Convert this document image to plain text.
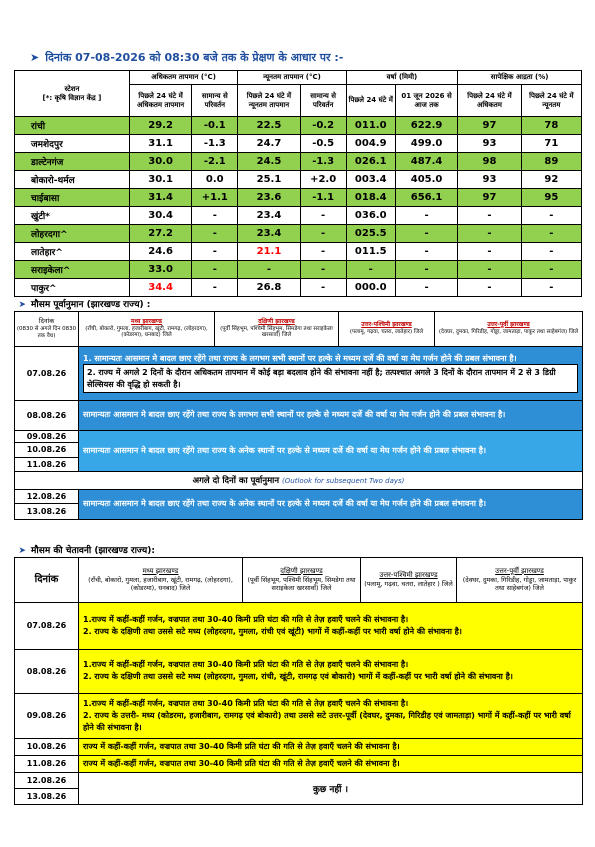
➤ दिनांक 07-08-2026 को 08:30 बजे तक के प्रेक्षण के आधार पर :-
स्टेशन
[*: कृषि विज्ञान केंद्र ]	अधिकतम तापमान (°C)		न्यूनतम तापमान (°C)		वर्षा (मिमी)		सापेक्षिक आद्रता (%)	
	पिछले 24 घंटे में अधिकतम तापमान	सामान्य से परिवर्तन	पिछले 24 घंटे में न्यूनतम तापमान	सामान्य से परिवर्तन	पिछले 24 घंटे में	01 जून 2026 से आज तक	पिछले 24 घंटे में अधिकतम	पिछले 24 घंटे में न्यूनतम
रांची	29.2	-0.1	22.5	-0.2	011.0	622.9	97	78
जमशेदपुर	31.1	-1.3	24.7	-0.5	004.9	499.0	93	71
डाल्टेनगंज	30.0	-2.1	24.5	-1.3	026.1	487.4	98	89
बोकारो-थर्मल	30.1	0.0	25.1	+2.0	003.4	405.0	93	92
चाईबासा	31.4	+1.1	23.6	-1.1	018.4	656.1	97	95
खुंटी*	30.4	-	23.4	-	036.0	-	-	-
लोहरदगा^	27.2	-	23.4	-	025.5	-	-	-
लातेहार^	24.6	-	21.1	-	011.5	-	-	-
सराइकेला^	33.0	-	-	-	-	-	-	-
पाकुर^	34.4	-	26.8	-	000.0	-	-	-
➤ मौसम पूर्वानुमान (झारखण्ड राज्य) :				
दिनांक
(0830 से अगले दिन 0830 तक वैध)	मध्य झारखण्ड
(राँची, बोकारो, गुमला, हजारीबाग, खूंटी, रामगढ़, (लोहरदगा),(कोडरमा), धनबाद) जिले	दक्षिणी झारखण्ड
(पूर्वी सिंहभूम, पश्चिमी सिंहभूम, सिमडेगा तथा सराइकेला खरसावाँ) जिले	उत्तर-पश्चिमी झारखण्ड
(पलामू, गढ़वा, चतरा, लातेहार) जिले	उत्तर-पूर्वी झारखण्ड
(देवघर, दुमका, गिरिडीह, गोड्डा, जामताड़ा, पाकुर तथा साहेबगंज) जिले
07.08.26	1. सामान्यतः आसमान मे बादल छाए रहेंगे तथा राज्य के लगभग सभी स्थानों पर हल्के से मध्यम दर्जे की वर्षा या मेघ गर्जन होने की प्रबल संभावना है।
2. राज्य में अगले 2 दिनों के दौरान अधिकतम तापमान में कोई बड़ा बदलाव होने की संभावना नहीं है; तत्पश्चात अगले 3 दिनों के दौरान तापमान में 2 से 3 डिग्री सेल्सियस की वृद्धि हो सकती है।			

08.08.26	सामान्यतः आसमान मे बादल छाए रहेंगे तथा राज्य के लगभग सभी स्थानों पर हल्के से मध्यम दर्जे की वर्षा या मेघ गर्जन होने की प्रबल संभावना है।			
09.08.26	सामान्यतः आसमान मे बादल छाए रहेंगे तथा राज्य के अनेक स्थानों पर हल्के से मध्यम दर्जे की वर्षा या मेघ गर्जन होने की प्रबल संभावना है।			
10.08.26				
11.08.26				
अगले दो दिनों का पूर्वानुमान (Outlook for subsequent Two days)				
12.08.26	सामान्यतः आसमान मे बादल छाए रहेंगे तथा राज्य के अनेक स्थानों पर हल्के से मध्यम दर्जे की वर्षा या मेघ गर्जन होने की प्रबल संभावना है।			
13.08.26				
➤ मौसम की चेतावनी (झारखण्ड राज्य):				
दिनांक	मध्य झारखण्ड
(राँची, बोकारो, गुमला, हजारीबाग, खूंटी, रामगढ़, (लोहरदगा), (कोडरमा), धनबाद) जिले	दक्षिणी झारखण्ड
(पूर्वी सिंहभूम, पश्चिमी सिंहभूम, सिमडेगा तथा सराइकेला खरसावाँ) जिले	उत्तर-पश्चिमी झारखण्ड
(पलामू, गढ़वा, चतरा, लातेहार ) जिले	उत्तर-पूर्वी झारखण्ड
(देवघर, दुमका, गिरिडीह, गोड्डा, जामताड़ा, पाकुर तथा साहेबगंज) जिले
07.08.26	1.राज्य में कहीं-कहीं गर्जन, वज्रपात तथा 30-40 किमी प्रति घंटा की गति से तेज़ हवाएँ चलने की संभावना है।
2. राज्य के दक्षिणी तथा उससे सटे मध्य (लोहरदगा, गुमला, रांची एवं खूंटी) भागों में कहीं-कहीं पर भारी वर्षा होने की संभावना है।			

08.08.26	1.राज्य में कहीं-कहीं गर्जन, वज्रपात तथा 30-40 किमी प्रति घंटा की गति से तेज़ हवाएँ चलने की संभावना है।
2. राज्य के दक्षिणी तथा उससे सटे मध्य (लोहरदगा, गुमला, रांची, खूंटी, रामगढ़ एवं बोकारो) भागों में कहीं-कहीं पर भारी वर्षा होने की संभावना है।			

09.08.26	1.राज्य में कहीं-कहीं गर्जन, वज्रपात तथा 30-40 किमी प्रति घंटा की गति से तेज़ हवाएँ चलने की संभावना है।
2. राज्य के उत्तरी- मध्य (कोडरमा, हजारीबाग, रामगढ़ एवं बोकारो) तथा उससे सटे उत्तर-पूर्वी (देवघर, दुमका, गिरिडीह एवं जामताड़ा) भागों में कहीं-कहीं पर भारी वर्षा होने की संभावना है।			

10.08.26	राज्य में कहीं-कहीं गर्जन, वज्रपात तथा 30-40 किमी प्रति घंटा की गति से तेज़ हवाएँ चलने की संभावना है।			
11.08.26	राज्य में कहीं-कहीं गर्जन, वज्रपात तथा 30-40 किमी प्रति घंटा की गति से तेज़ हवाएँ चलने की संभावना है।			
12.08.26	कुछ नहीं ।			
13.08.26				
